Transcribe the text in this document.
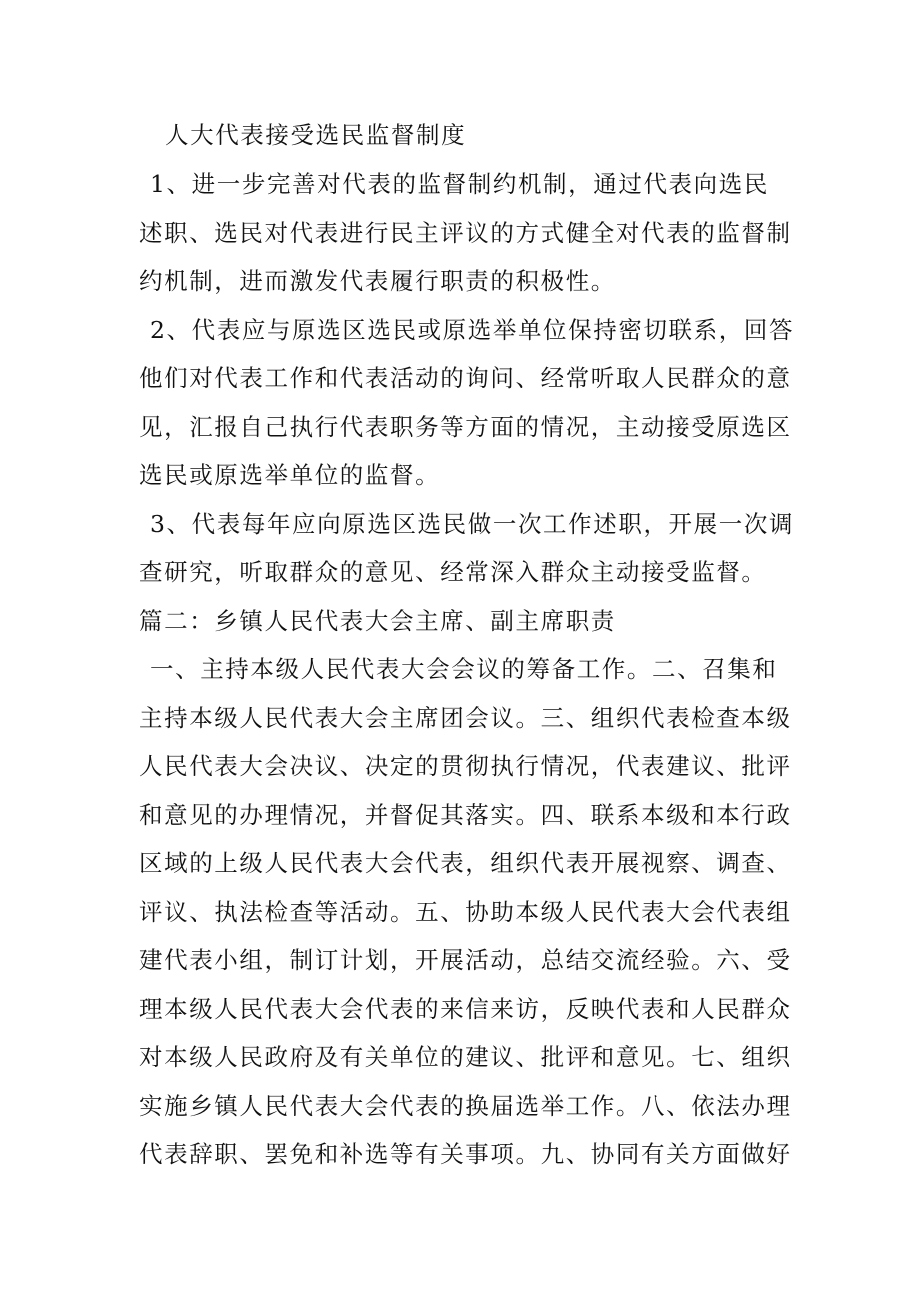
人大代表接受选民监督制度
1、进一步完善对代表的监督制约机制，通过代表向选民
述职、选民对代表进行民主评议的方式健全对代表的监督制
约机制，进而激发代表履行职责的积极性。
2、代表应与原选区选民或原选举单位保持密切联系，回答
他们对代表工作和代表活动的询问、经常听取人民群众的意
见，汇报自己执行代表职务等方面的情况，主动接受原选区
选民或原选举单位的监督。
3、代表每年应向原选区选民做一次工作述职，开展一次调
查研究，听取群众的意见、经常深入群众主动接受监督。
篇二：乡镇人民代表大会主席、副主席职责
一、主持本级人民代表大会会议的筹备工作。二、召集和
主持本级人民代表大会主席团会议。三、组织代表检查本级
人民代表大会决议、决定的贯彻执行情况，代表建议、批评
和意见的办理情况，并督促其落实。四、联系本级和本行政
区域的上级人民代表大会代表，组织代表开展视察、调查、
评议、执法检查等活动。五、协助本级人民代表大会代表组
建代表小组，制订计划，开展活动，总结交流经验。六、受
理本级人民代表大会代表的来信来访，反映代表和人民群众
对本级人民政府及有关单位的建议、批评和意见。七、组织
实施乡镇人民代表大会代表的换届选举工作。八、依法办理
代表辞职、罢免和补选等有关事项。九、协同有关方面做好
